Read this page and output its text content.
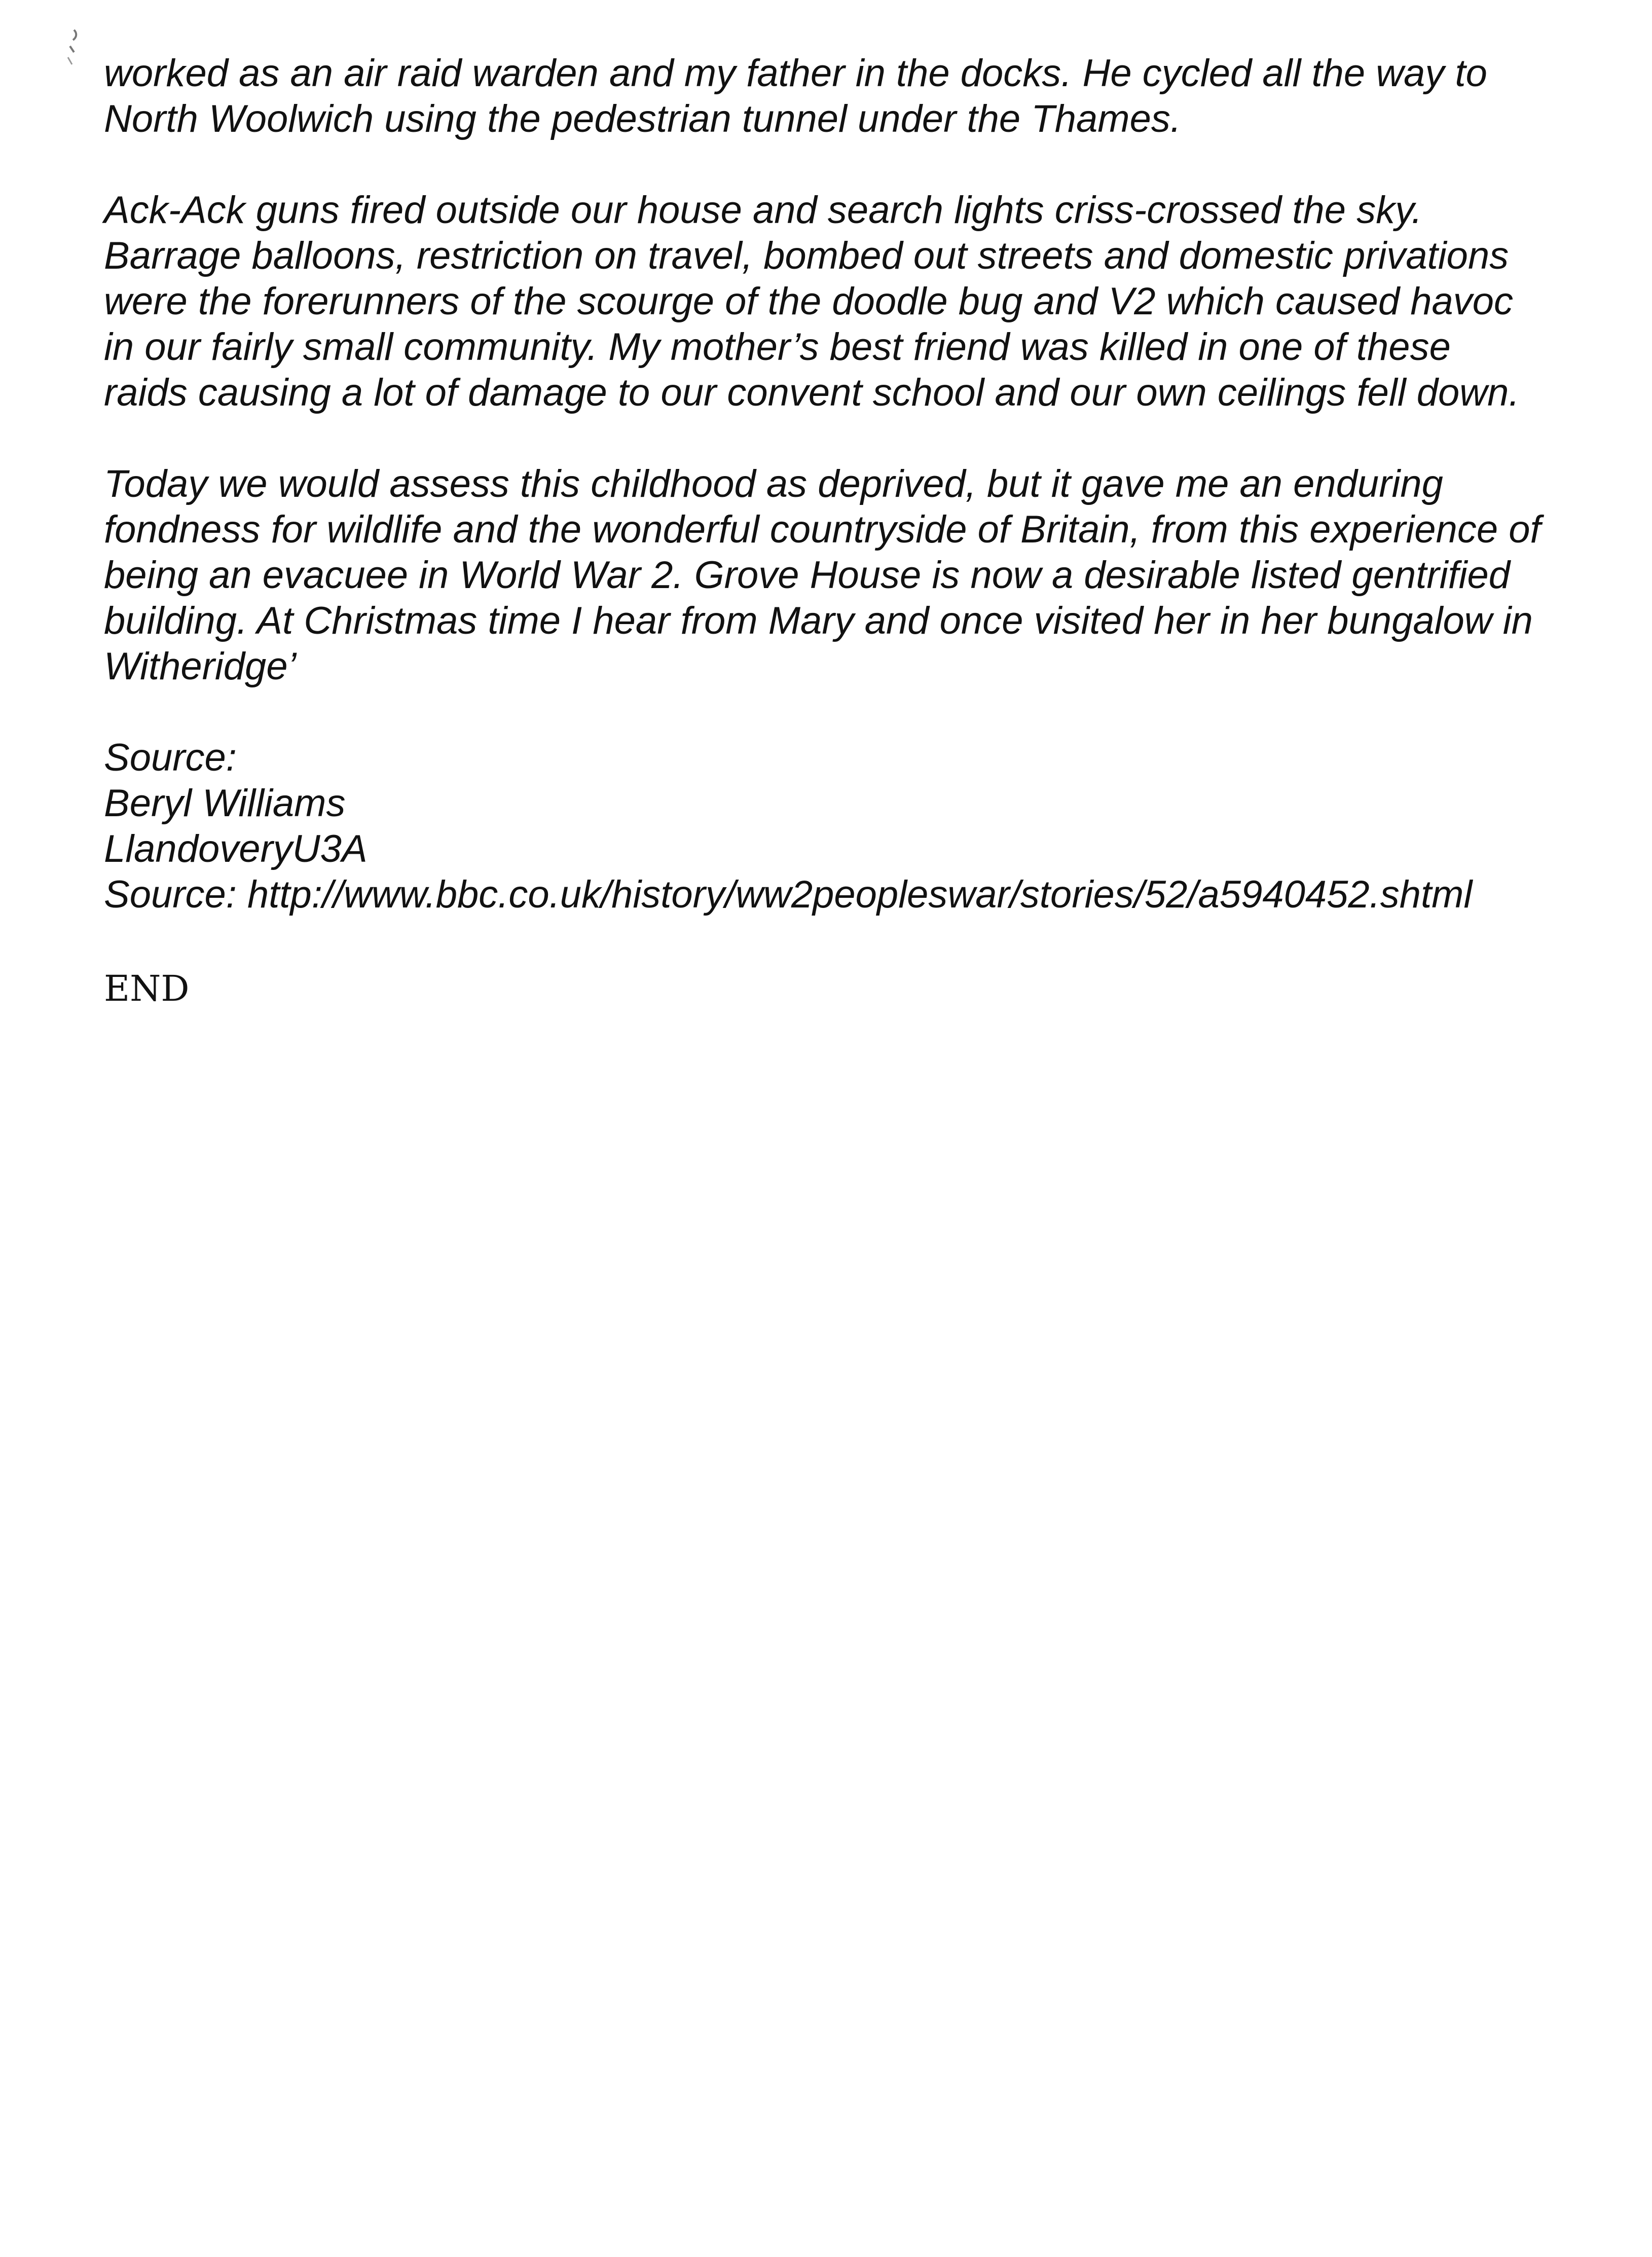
worked as an air raid warden and my father in the docks. He cycled all the way to
North Woolwich using the pedestrian tunnel under the Thames.
Ack-Ack guns fired outside our house and search lights criss-crossed the sky.
Barrage balloons, restriction on travel, bombed out streets and domestic privations
were the forerunners of the scourge of the doodle bug and V2 which caused havoc
in our fairly small community. My mother’s best friend was killed in one of these
raids causing a lot of damage to our convent school and our own ceilings fell down.
Today we would assess this childhood as deprived, but it gave me an enduring
fondness for wildlife and the wonderful countryside of Britain, from this experience of
being an evacuee in World War 2. Grove House is now a desirable listed gentrified
building. At Christmas time I hear from Mary and once visited her in her bungalow in
Witheridge’
Source:
Beryl Williams
LlandoveryU3A
Source: http://www.bbc.co.uk/history/ww2peopleswar/stories/52/a5940452.shtml
END
